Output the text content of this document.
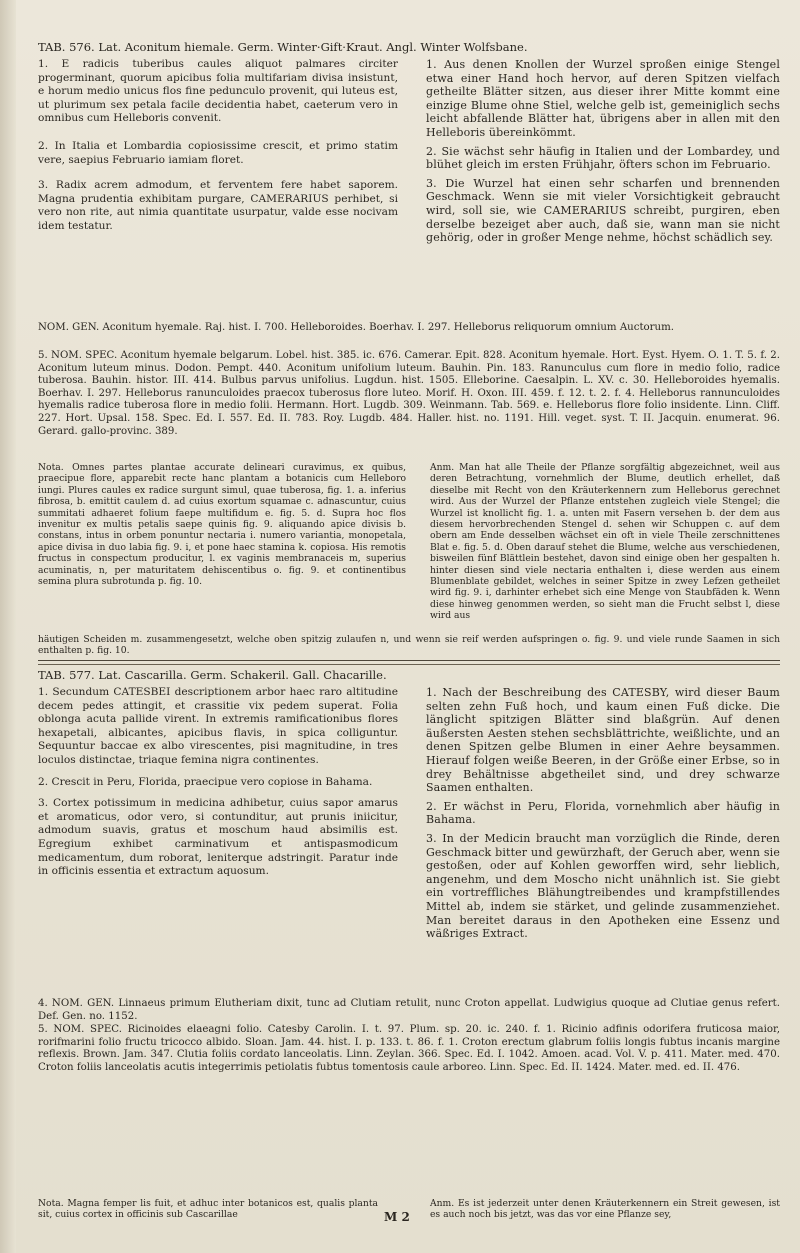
TAB. 576. Lat. Aconitum hiemale. Germ. Winter·Gift·Kraut. Angl. Winter Wolfsbane.

1. E radicis tuberibus caules aliquot palmares circiter progerminant, quorum apicibus folia multifariam divisa insistunt, e horum medio unicus flos fine pedunculo provenit, qui luteus est, ut plurimum sex petala facile decidentia habet, caeterum vero in omnibus cum Helleboris convenit.

2. In Italia et Lombardia copiosissime crescit, et primo statim vere, saepius Februario iamiam floret.

3. Radix acrem admodum, et ferventem fere habet saporem. Magna prudentia exhibitam purgare, CAMERARIUS perhibet, si vero non rite, aut nimia quantitate usurpatur, valde esse nocivam idem testatur.

1. Aus denen Knollen der Wurzel sproßen einige Stengel etwa einer Hand hoch hervor, auf deren Spitzen vielfach getheilte Blätter sitzen, aus dieser ihrer Mitte kommt eine einzige Blume ohne Stiel, welche gelb ist, gemeiniglich sechs leicht abfallende Blätter hat, übrigens aber in allen mit den Helleboris übereinkömmt.

2. Sie wächst sehr häufig in Italien und der Lombardey, und blühet gleich im ersten Frühjahr, öfters schon im Februario.

3. Die Wurzel hat einen sehr scharfen und brennenden Geschmack. Wenn sie mit vieler Vorsichtigkeit gebraucht wird, soll sie, wie CAMERARIUS schreibt, purgiren, eben derselbe bezeiget aber auch, daß sie, wann man sie nicht gehörig, oder in großer Menge nehme, höchst schädlich sey.

NOM. GEN. Aconitum hyemale. Raj. hist. I. 700. Helleboroides. Boerhav. I. 297. Helleborus reliquorum omnium Auctorum.
5. NOM. SPEC. Aconitum hyemale belgarum. Lobel. hist. 385. ic. 676. Camerar. Epit. 828. Aconitum hyemale. Hort. Eyst. Hyem. O. 1. T. 5. f. 2. Aconitum luteum minus. Dodon. Pempt. 440. Aconitum unifolium luteum. Bauhin. Pin. 183. Ranunculus cum flore in medio folio, radice tuberosa. Bauhin. histor. III. 414. Bulbus parvus unifolius. Lugdun. hist. 1505. Elleborine. Caesalpin. L. XV. c. 30. Helleboroides hyemalis. Boerhav. I. 297. Helleborus ranunculoides praecox tuberosus flore luteo. Morif. H. Oxon. III. 459. f. 12. t. 2. f. 4. Helleborus rannunculoides hyemalis radice tuberosa flore in medio folii. Hermann. Hort. Lugdb. 309. Weinmann. Tab. 569. e. Helleborus flore folio insidente. Linn. Cliff. 227. Hort. Upsal. 158. Spec. Ed. I. 557. Ed. II. 783. Roy. Lugdb. 484. Haller. hist. no. 1191. Hill. veget. syst. T. II. Jacquin. enumerat. 96. Gerard. gallo-provinc. 389.
Nota. Omnes partes plantae accurate delineari curavimus, ex quibus, praecipue flore, apparebit recte hanc plantam a botanicis cum Helleboro iungi. Plures caules ex radice surgunt simul, quae tuberosa, fig. 1. a. inferius fibrosa, b. emittit caulem d. ad cuius exortum squamae c. adnascuntur, cuius summitati adhaeret folium faepe multifidum e. fig. 5. d. Supra hoc flos invenitur ex multis petalis saepe quinis fig. 9. aliquando apice divisis b. constans, intus in orbem ponuntur nectaria i. numero variantia, monopetala, apice divisa in duo labia fig. 9. i, et pone haec stamina k. copiosa. His remotis fructus in conspectum producitur, l. ex vaginis membranaceis m, superius acuminatis, n, per maturitatem dehiscentibus o. fig. 9. et continentibus semina plura subrotunda p. fig. 10.
Anm. Man hat alle Theile der Pflanze sorgfältig abgezeichnet, weil aus deren Betrachtung, vornehmlich der Blume, deutlich erhellet, daß dieselbe mit Recht von den Kräuterkennern zum Helleborus gerechnet wird. Aus der Wurzel der Pflanze entstehen zugleich viele Stengel; die Wurzel ist knollicht fig. 1. a. unten mit Fasern versehen b. der dem aus diesem hervorbrechenden Stengel d. sehen wir Schuppen c. auf dem obern am Ende desselben wächset ein oft in viele Theile zerschnittenes Blat e. fig. 5. d. Oben darauf stehet die Blume, welche aus verschiedenen, bisweilen fünf Blättlein bestehet, davon sind einige oben her gespalten h. hinter diesen sind viele nectaria enthalten i, diese werden aus einem Blumenblate gebildet, welches in seiner Spitze in zwey Lefzen getheilet wird fig. 9. i, darhinter erhebet sich eine Menge von Staubfäden k. Wenn diese hinweg genommen werden, so sieht man die Frucht selbst l, diese wird aus
häutigen Scheiden m. zusammengesetzt, welche oben spitzig zulaufen n, und wenn sie reif werden aufspringen o. fig. 9. und viele runde Saamen in sich enthalten p. fig. 10.
TAB. 577. Lat. Cascarilla. Germ. Schakeril. Gall. Chacarille.

1. Secundum CATESBEI descriptionem arbor haec raro altitudine decem pedes attingit, et crassitie vix pedem superat. Folia oblonga acuta pallide virent. In extremis ramificationibus flores hexapetali, albicantes, apicibus flavis, in spica colliguntur. Sequuntur baccae ex albo virescentes, pisi magnitudine, in tres loculos distinctae, triaque femina nigra continentes.

2. Crescit in Peru, Florida, praecipue vero copiose in Bahama.

3. Cortex potissimum in medicina adhibetur, cuius sapor amarus et aromaticus, odor vero, si contunditur, aut prunis iniicitur, admodum suavis, gratus et moschum haud absimilis est. Egregium exhibet carminativum et antispasmodicum medicamentum, dum roborat, leniterque adstringit. Paratur inde in officinis essentia et extractum aquosum.

1. Nach der Beschreibung des CATESBY, wird dieser Baum selten zehn Fuß hoch, und kaum einen Fuß dicke. Die länglicht spitzigen Blätter sind blaßgrün. Auf denen äußersten Aesten stehen sechsblättrichte, weißlichte, und an denen Spitzen gelbe Blumen in einer Aehre beysammen. Hierauf folgen weiße Beeren, in der Größe einer Erbse, so in drey Behältnisse abgetheilet sind, und drey schwarze Saamen enthalten.

2. Er wächst in Peru, Florida, vornehmlich aber häufig in Bahama.

3. In der Medicin braucht man vorzüglich die Rinde, deren Geschmack bitter und gewürzhaft, der Geruch aber, wenn sie gestoßen, oder auf Kohlen geworffen wird, sehr lieblich, angenehm, und dem Moscho nicht unähnlich ist. Sie giebt ein vortreffliches Blähungtreibendes und krampfstillendes Mittel ab, indem sie stärket, und gelinde zusammenziehet. Man bereitet daraus in den Apotheken eine Essenz und wäßriges Extract.

4. NOM. GEN. Linnaeus primum Elutheriam dixit, tunc ad Clutiam retulit, nunc Croton appellat. Ludwigius quoque ad Clutiae genus refert. Def. Gen. no. 1152.
5. NOM. SPEC. Ricinoides elaeagni folio. Catesby Carolin. I. t. 97. Plum. sp. 20. ic. 240. f. 1. Ricinio adfinis odorifera fruticosa maior, rorifmarini folio fructu tricocco albido. Sloan. Jam. 44. hist. I. p. 133. t. 86. f. 1. Croton erectum glabrum foliis longis fubtus incanis margine reflexis. Brown. Jam. 347. Clutia foliis cordato lanceolatis. Linn. Zeylan. 366. Spec. Ed. I. 1042. Amoen. acad. Vol. V. p. 411. Mater. med. 470. Croton foliis lanceolatis acutis integerrimis petiolatis fubtus tomentosis caule arboreo. Linn. Spec. Ed. II. 1424. Mater. med. ed. II. 476.
Nota. Magna femper lis fuit, et adhuc inter botanicos est, qualis planta sit, cuius cortex in officinis sub Cascarillae	M 2
Anm. Es ist jederzeit unter denen Kräuterkennern ein Streit gewesen, ist es auch noch bis jetzt, was das vor eine Pflanze sey,
